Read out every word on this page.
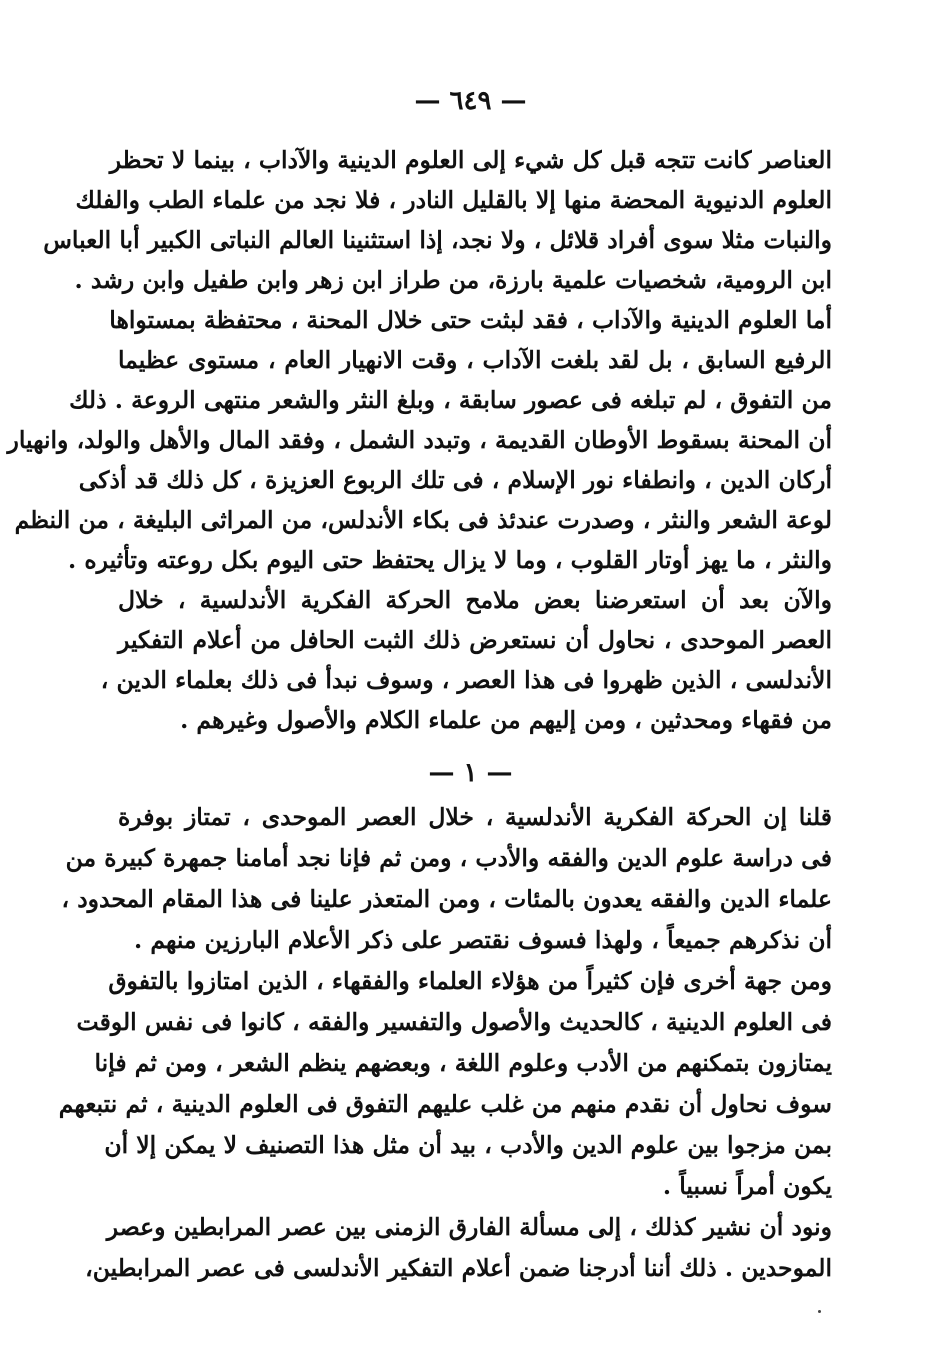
— ٦٤٩ —
العناصر كانت تتجه قبل كل شيء إلى العلوم الدينية والآداب ، بينما لا تحظر
العلوم الدنيوية المحضة منها إلا بالقليل النادر ، فلا نجد من علماء الطب والفلك
والنبات مثلا سوى أفراد قلائل ، ولا نجد، إذا استثنينا العالم النباتى الكبير أبا العباس
ابن الرومية، شخصيات علمية بارزة، من طراز ابن زهر وابن طفيل وابن رشد .
أما العلوم الدينية والآداب ، فقد لبثت حتى خلال المحنة ، محتفظة بمستواها
الرفيع السابق ، بل لقد بلغت الآداب ، وقت الانهيار العام ، مستوى عظيما
من التفوق ، لم تبلغه فى عصور سابقة ، وبلغ النثر والشعر منتهى الروعة . ذلك
أن المحنة بسقوط الأوطان القديمة ، وتبدد الشمل ، وفقد المال والأهل والولد، وانهيار
أركان الدين ، وانطفاء نور الإسلام ، فى تلك الربوع العزيزة ، كل ذلك قد أذكى
لوعة الشعر والنثر ، وصدرت عندئذ فى بكاء الأندلس، من المراثى البليغة ، من النظم
والنثر ، ما يهز أوتار القلوب ، وما لا يزال يحتفظ حتى اليوم بكل روعته وتأثيره .
والآن بعد أن استعرضنا بعض ملامح الحركة الفكرية الأندلسية ، خلال
العصر الموحدى ، نحاول أن نستعرض ذلك الثبت الحافل من أعلام التفكير
الأندلسى ، الذين ظهروا فى هذا العصر ، وسوف نبدأ فى ذلك بعلماء الدين ،
من فقهاء ومحدثين ، ومن إليهم من علماء الكلام والأصول وغيرهم .
— ١ —
قلنا إن الحركة الفكرية الأندلسية ، خلال العصر الموحدى ، تمتاز بوفرة
فى دراسة علوم الدين والفقه والأدب ، ومن ثم فإنا نجد أمامنا جمهرة كبيرة من
علماء الدين والفقه يعدون بالمئات ، ومن المتعذر علينا فى هذا المقام المحدود ،
أن نذكرهم جميعاً ، ولهذا فسوف نقتصر على ذكر الأعلام البارزين منهم .
ومن جهة أخرى فإن كثيراً من هؤلاء العلماء والفقهاء ، الذين امتازوا بالتفوق
فى العلوم الدينية ، كالحديث والأصول والتفسير والفقه ، كانوا فى نفس الوقت
يمتازون بتمكنهم من الأدب وعلوم اللغة ، وبعضهم ينظم الشعر ، ومن ثم فإنا
سوف نحاول أن نقدم منهم من غلب عليهم التفوق فى العلوم الدينية ، ثم نتبعهم
بمن مزجوا بين علوم الدين والأدب ، بيد أن مثل هذا التصنيف لا يمكن إلا أن
يكون أمراً نسبياً .
ونود أن نشير كذلك ، إلى مسألة الفارق الزمنى بين عصر المرابطين وعصر
الموحدين . ذلك أننا أدرجنا ضمن أعلام التفكير الأندلسى فى عصر المرابطين،
